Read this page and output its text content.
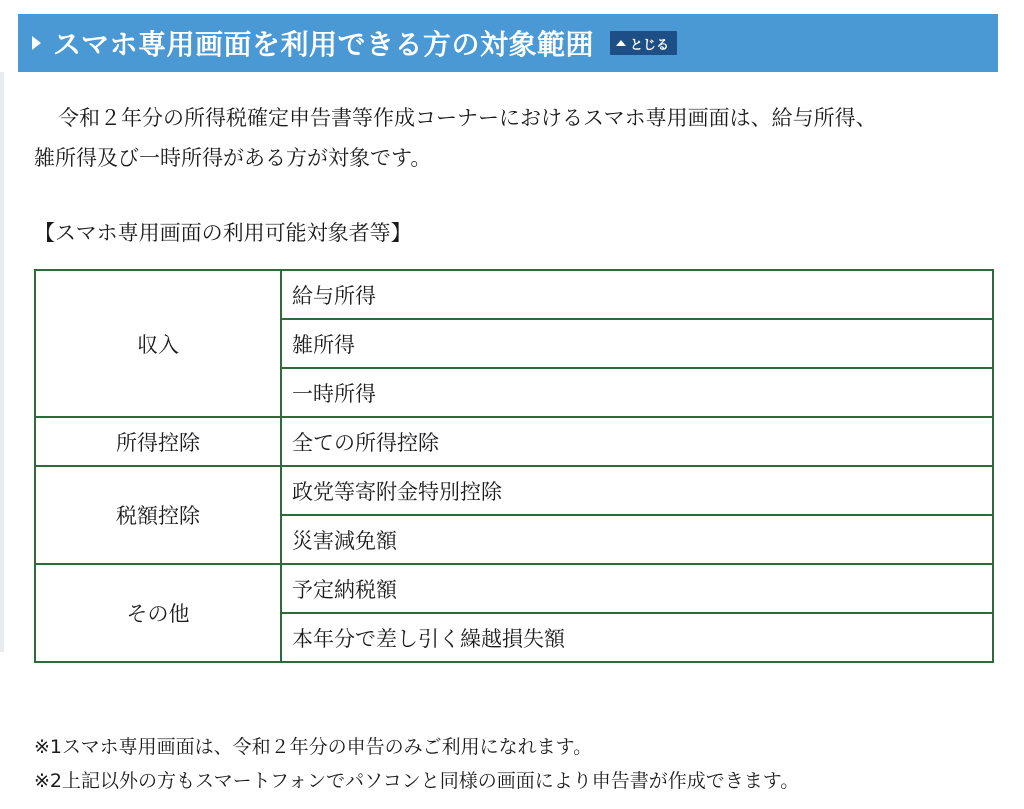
スマホ専用画面を利用できる方の対象範囲	とじる
令和２年分の所得税確定申告書等作成コーナーにおけるスマホ専用画面は、給与所得、
雑所得及び一時所得がある方が対象です。
【スマホ専用画面の利用可能対象者等】
収入	給与所得
	雑所得
	一時所得
所得控除	全ての所得控除
税額控除	政党等寄附金特別控除
	災害減免額
その他	予定納税額
	本年分で差し引く繰越損失額
※1スマホ専用画面は、令和２年分の申告のみご利用になれます。
※2上記以外の方もスマートフォンでパソコンと同様の画面により申告書が作成できます。
